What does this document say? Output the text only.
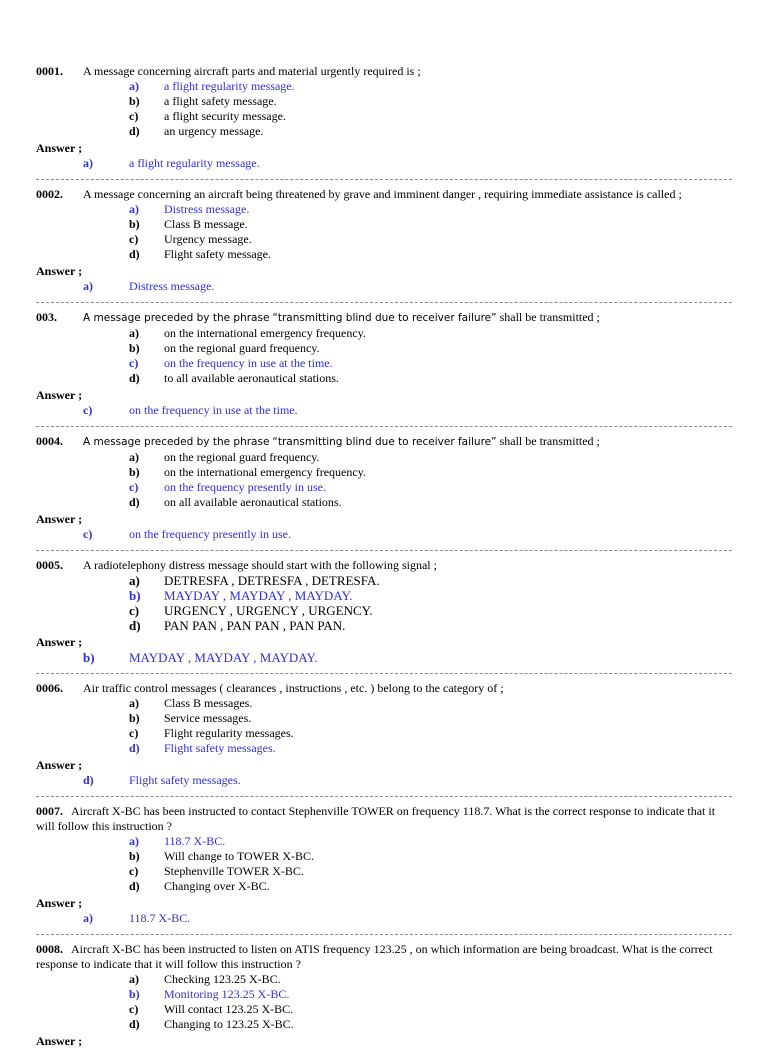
0001. A message concerning aircraft parts and material urgently required is ;
a) a flight regularity message.
b) a flight safety message.
c) a flight security message.
d) an urgency message.
Answer ;
a)	a flight regularity message.
0002. A message concerning an aircraft being threatened by grave and imminent danger , requiring immediate assistance is called ;
a) Distress message.
b) Class B message.
c) Urgency message.
d) Flight safety message.
Answer ;
a)	Distress message.
003. A message preceded by the phrase “transmitting blind due to receiver failure” shall be transmitted ;
a) on the international emergency frequency.
b) on the regional guard frequency.
c) on the frequency in use at the time.
d) to all available aeronautical stations.
Answer ;
c)	on the frequency in use at the time.
0004. A message preceded by the phrase “transmitting blind due to receiver failure” shall be transmitted ;
a) on the regional guard frequency.
b) on the international emergency frequency.
c) on the frequency presently in use.
d) on all available aeronautical stations.
Answer ;
c)	on the frequency presently in use.
0005. A radiotelephony distress message should start with the following signal ;
a) DETRESFA , DETRESFA , DETRESFA.
b) MAYDAY , MAYDAY , MAYDAY.
c) URGENCY , URGENCY , URGENCY.
d) PAN PAN , PAN PAN , PAN PAN.
Answer ;
b)	MAYDAY , MAYDAY , MAYDAY.
0006. Air traffic control messages ( clearances , instructions , etc. ) belong to the category of ;
a) Class B messages.
b) Service messages.
c) Flight regularity messages.
d) Flight safety messages.
Answer ;
d)	Flight safety messages.
0007. Aircraft X-BC has been instructed to contact Stephenville TOWER on frequency 118.7. What is the correct response to indicate that it will follow this instruction ?
a) 118.7 X-BC.
b) Will change to TOWER X-BC.
c) Stephenville TOWER X-BC.
d) Changing over X-BC.
Answer ;
a)	118.7 X-BC.
0008. Aircraft X-BC has been instructed to listen on ATIS frequency 123.25 , on which information are being broadcast. What is the correct response to indicate that it will follow this instruction ?
a) Checking 123.25 X-BC.
b) Monitoring 123.25 X-BC.
c) Will contact 123.25 X-BC.
d) Changing to 123.25 X-BC.
Answer ;
